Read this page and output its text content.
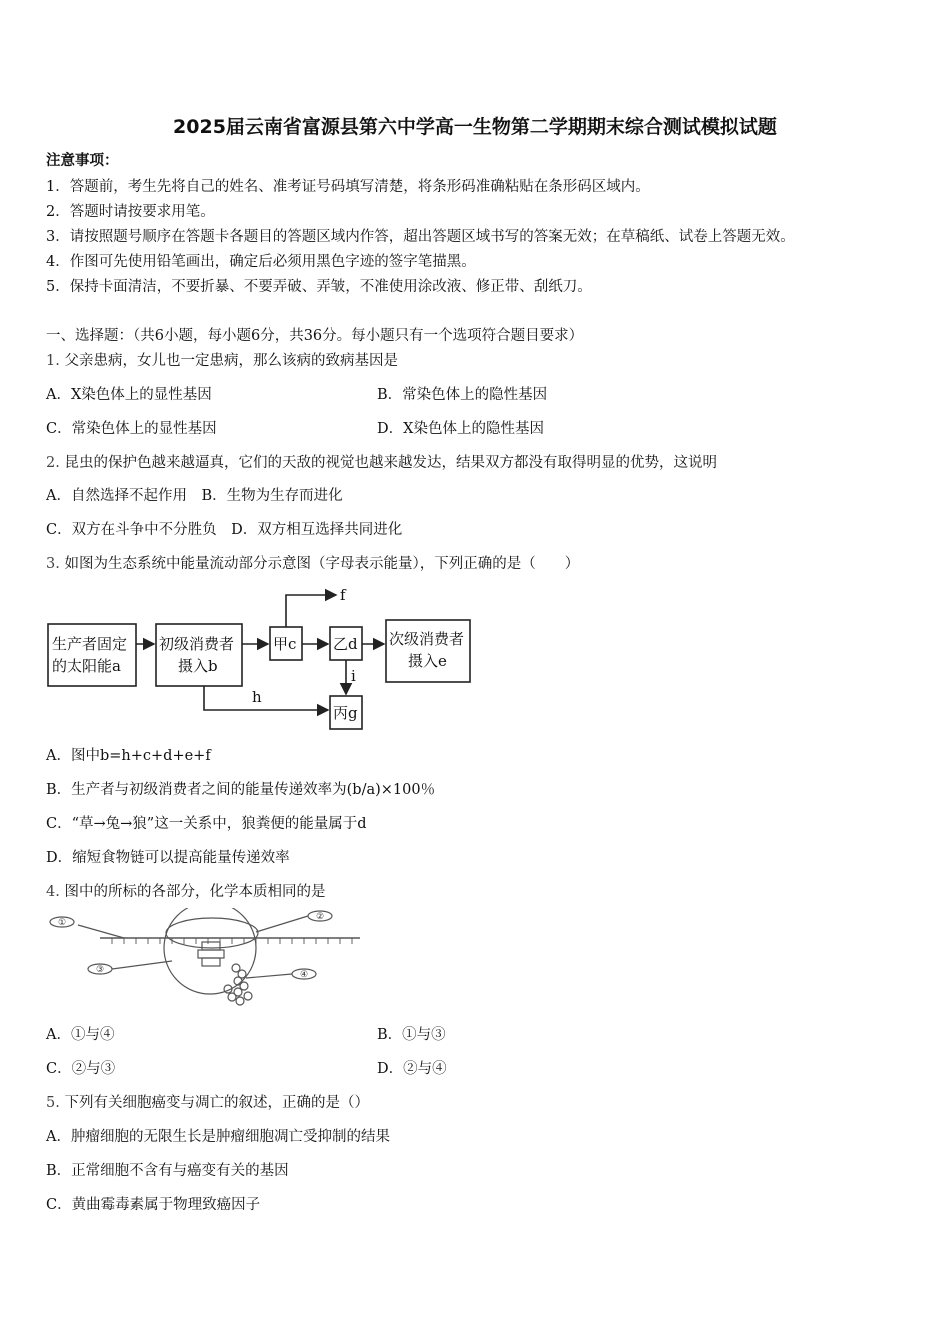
2025届云南省富源县第六中学高一生物第二学期期末综合测试模拟试题
注意事项：
1．答题前，考生先将自己的姓名、准考证号码填写清楚，将条形码准确粘贴在条形码区域内。
2．答题时请按要求用笔。
3．请按照题号顺序在答题卡各题目的答题区域内作答，超出答题区域书写的答案无效；在草稿纸、试卷上答题无效。
4．作图可先使用铅笔画出，确定后必须用黑色字迹的签字笔描黑。
5．保持卡面清洁，不要折暴、不要弄破、弄皱，不准使用涂改液、修正带、刮纸刀。
一、选择题：（共6小题，每小题6分，共36分。每小题只有一个选项符合题目要求）
1. 父亲患病，女儿也一定患病，那么该病的致病基因是
A．X染色体上的显性基因	B．常染色体上的隐性基因
C．常染色体上的显性基因	D．X染色体上的隐性基因
2. 昆虫的保护色越来越逼真，它们的天敌的视觉也越来越发达，结果双方都没有取得明显的优势，这说明
A．自然选择不起作用　B．生物为生存而进化
C．双方在斗争中不分胜负　D．双方相互选择共同进化
3. 如图为生态系统中能量流动部分示意图（字母表示能量），下列正确的是（　　）
生产者固定
的太阳能a
初级消费者
摄入b
甲c 乙d 次级消费者
摄入e
丙g
f
h
i
A．图中b=h+c+d+e+f
B．生产者与初级消费者之间的能量传递效率为(b/a)×100％
C．“草→兔→狼”这一关系中，狼粪便的能量属于d
D．缩短食物链可以提高能量传递效率
4. 图中的所标的各部分，化学本质相同的是
①
②
③	④
A．①与④	B．①与③
C．②与③	D．②与④
5. 下列有关细胞癌变与凋亡的叙述，正确的是（）
A．肿瘤细胞的无限生长是肿瘤细胞凋亡受抑制的结果
B．正常细胞不含有与癌变有关的基因
C．黄曲霉毒素属于物理致癌因子
